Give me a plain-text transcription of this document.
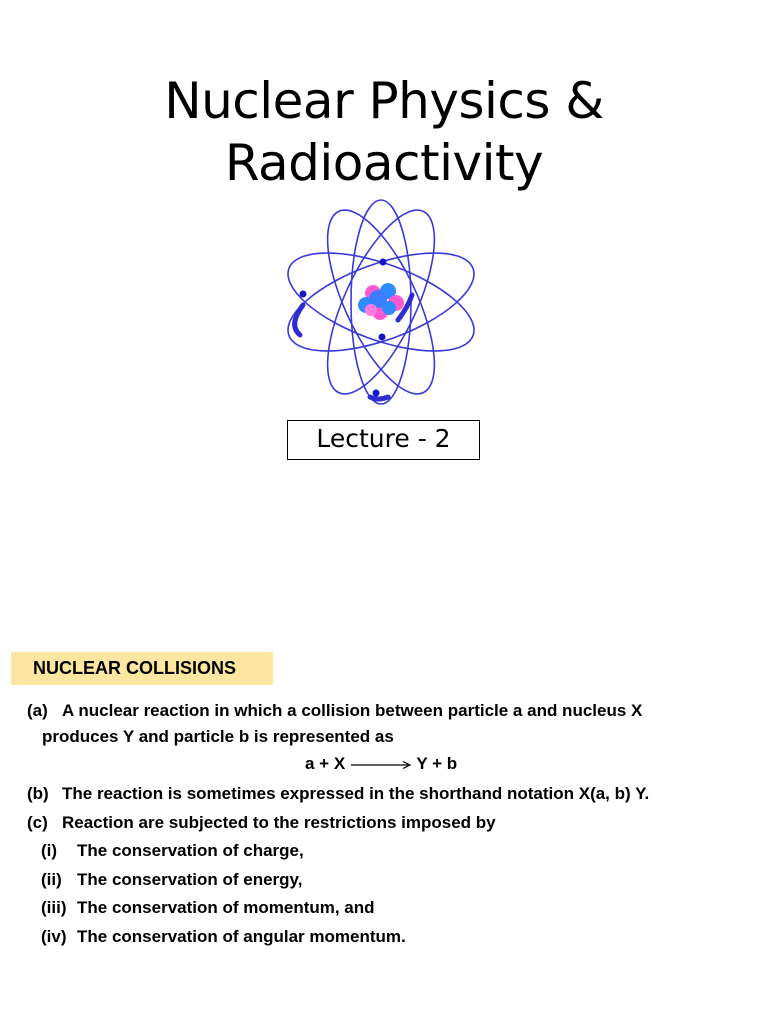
Nuclear Physics &
Radioactivity
Lecture - 2
NUCLEAR COLLISIONS
(a) A nuclear reaction in which a collision between particle a and nucleus X
produces Y and particle b is represented as
a + X	Y + b
(b) The reaction is sometimes expressed in the shorthand notation X(a, b) Y.
(c) Reaction are subjected to the restrictions imposed by
(i) The conservation of charge,
(ii) The conservation of energy,
(iii) The conservation of momentum, and
(iv) The conservation of angular momentum.
